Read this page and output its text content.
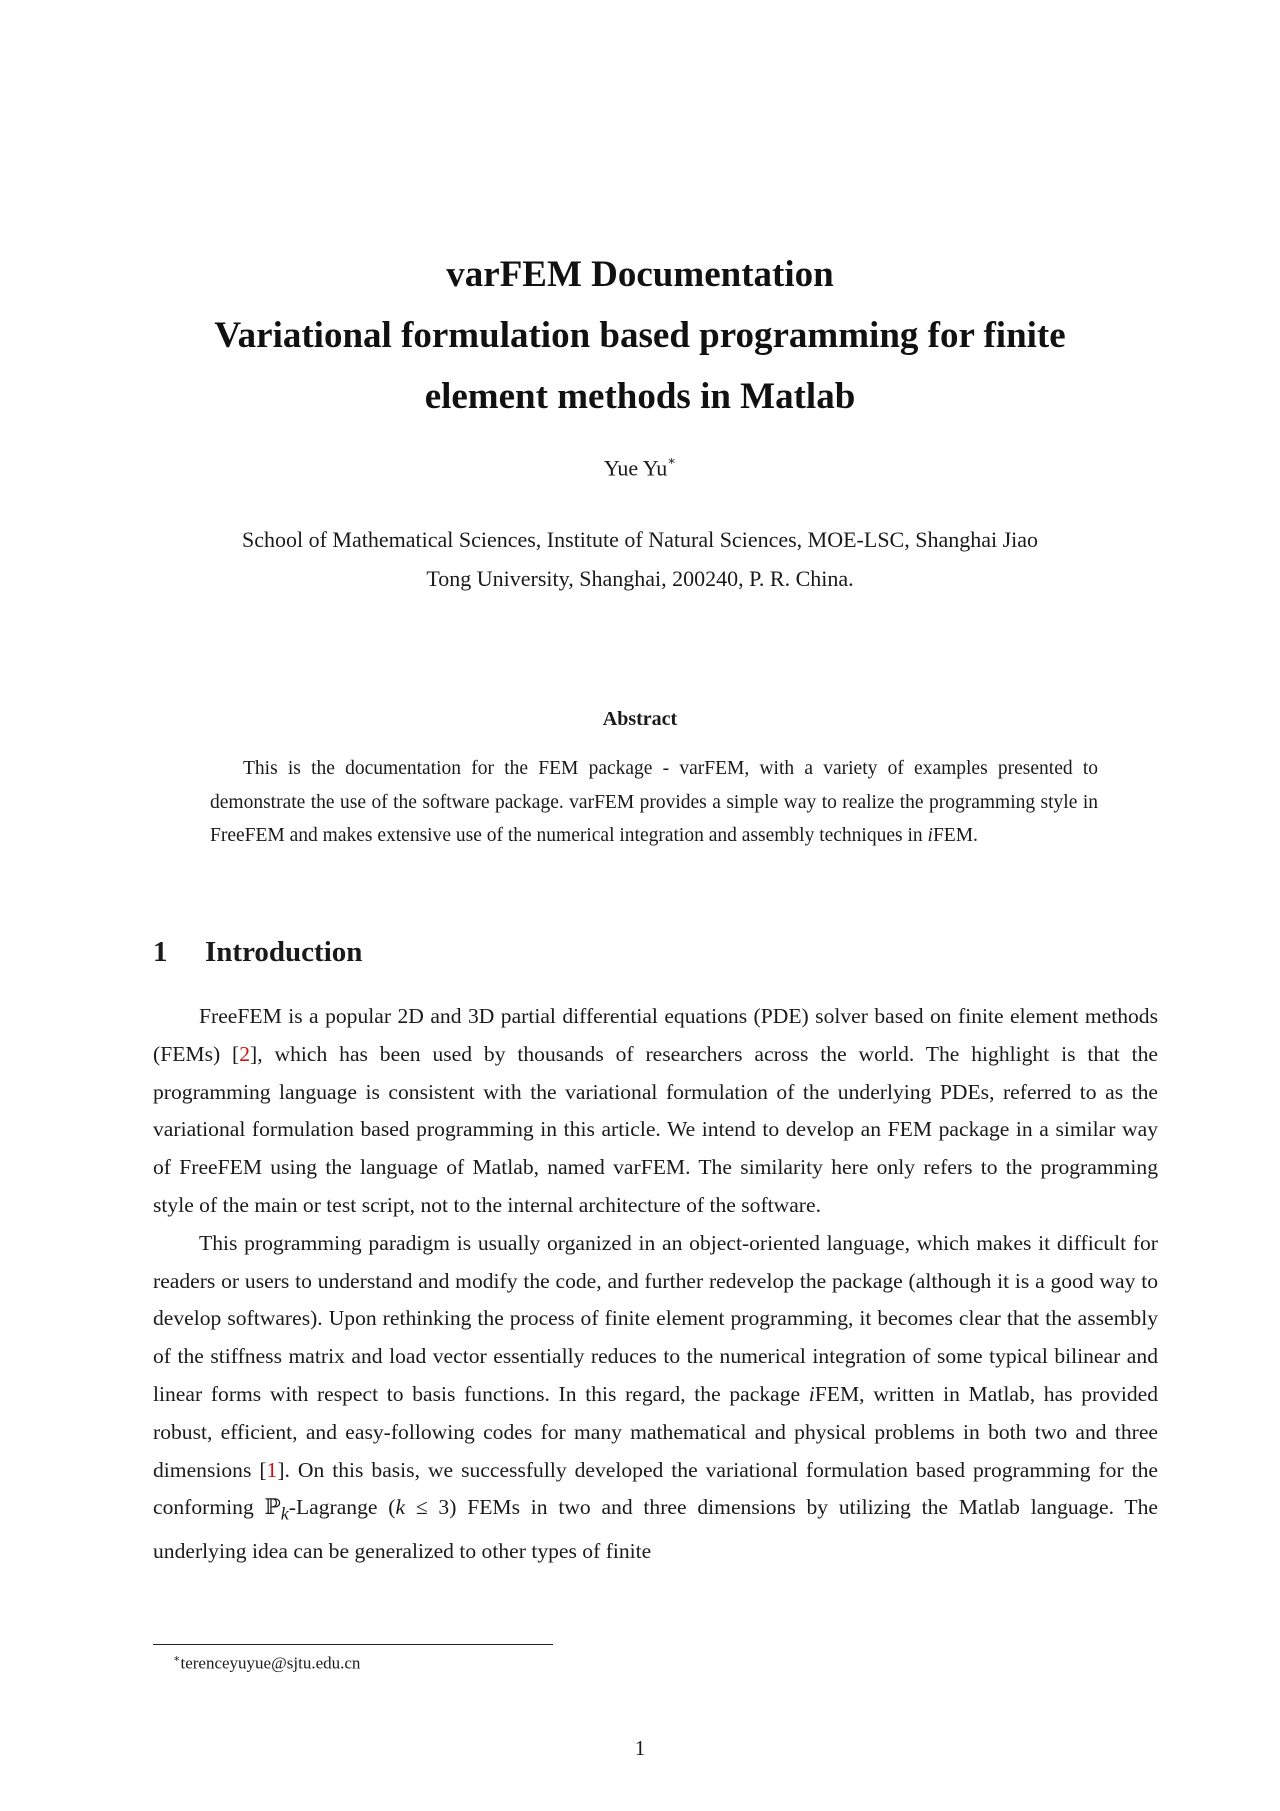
varFEM Documentation

Variational formulation based programming for finite

element methods in Matlab

Yue Yu∗
School of Mathematical Sciences, Institute of Natural Sciences, MOE-LSC, Shanghai Jiao
Tong University, Shanghai, 200240, P. R. China.
Abstract

This is the documentation for the FEM package - varFEM, with a variety of examples presented to demonstrate the use of the software package. varFEM provides a simple way to realize the programming style in FreeFEM and makes extensive use of the numerical integration and assembly techniques in iFEM.

1 Introduction

FreeFEM is a popular 2D and 3D partial differential equations (PDE) solver based on finite element methods (FEMs) [2], which has been used by thousands of researchers across the world. The highlight is that the programming language is consistent with the variational formulation of the underlying PDEs, referred to as the variational formulation based programming in this article. We intend to develop an FEM package in a similar way of FreeFEM using the language of Matlab, named varFEM. The similarity here only refers to the programming style of the main or test script, not to the internal architecture of the software.

This programming paradigm is usually organized in an object-oriented language, which makes it difficult for readers or users to understand and modify the code, and further redevelop the package (although it is a good way to develop softwares). Upon rethinking the process of finite element programming, it becomes clear that the assembly of the stiffness matrix and load vector essentially reduces to the numerical integration of some typical bilinear and linear forms with respect to basis functions. In this regard, the package iFEM, written in Matlab, has provided robust, efficient, and easy-following codes for many mathematical and physical problems in both two and three dimensions [1]. On this basis, we successfully developed the variational formulation based programming for the conforming ℙ$_k$-Lagrange (k ≤ 3) FEMs in two and three dimensions by utilizing the Matlab language. The underlying idea can be generalized to other types of finite

∗terenceyuyue@sjtu.edu.cn
1
